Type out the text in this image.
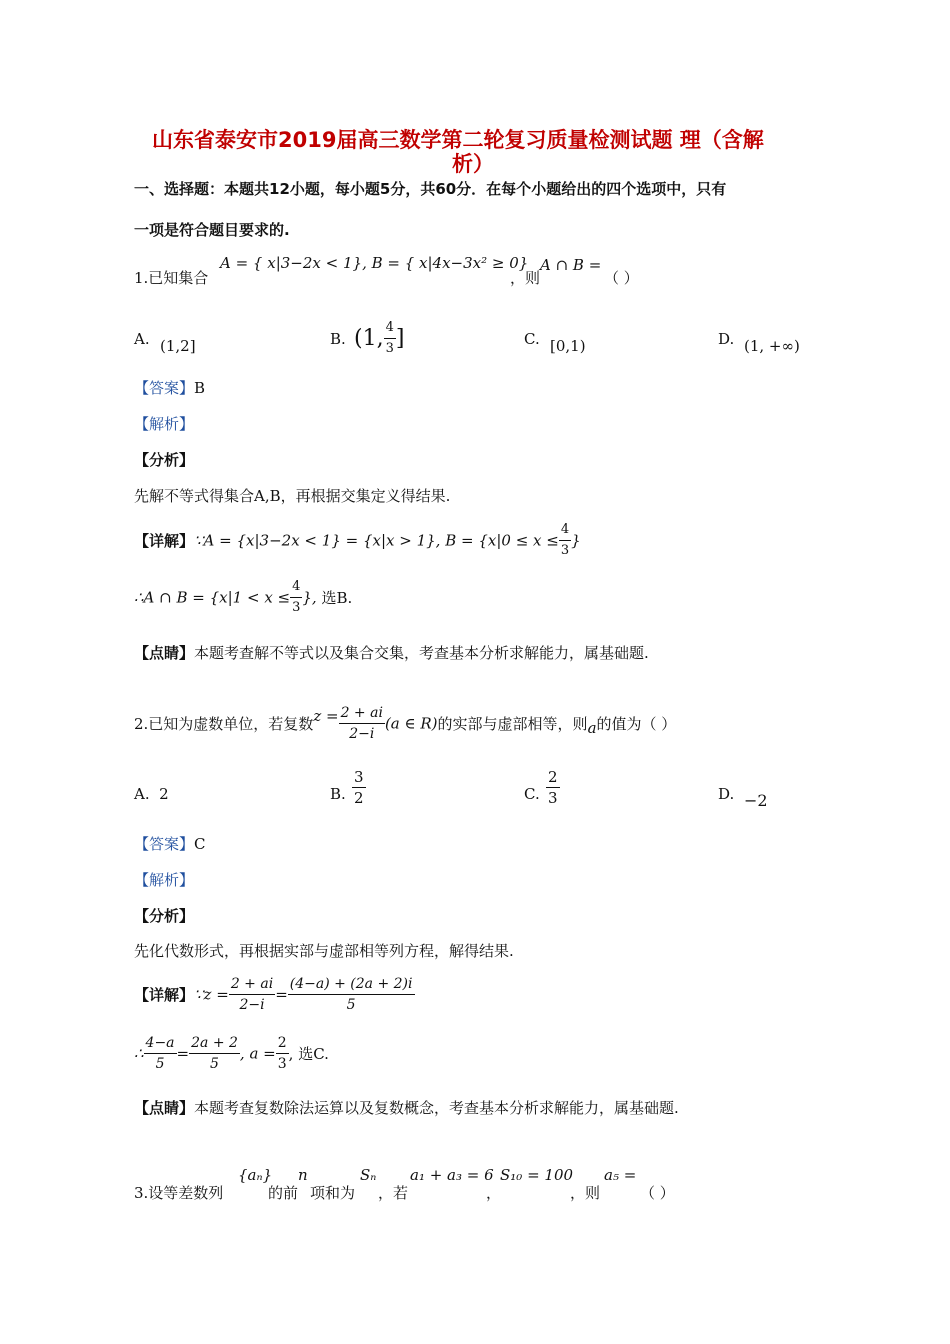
山东省泰安市2019届高三数学第二轮复习质量检测试题 理（含解
析）
一、选择题：本题共12小题，每小题5分，共60分．在每个小题给出的四个选项中，只有
一项是符合题目要求的.
1.已知集合
A = { x|3−2x < 1}, B = { x|4x−3x² ≥ 0}
，则
A ∩ B =
（ ）
A. (1,2]	B. (1, $\frac{4}{3}$ ]	C. [0,1)	D. (1, +∞)
【答案】B
【解析】
【分析】
先解不等式得集合A,B，再根据交集定义得结果.
【详解】∵A = {x|3−2x < 1} = {x|x > 1}, $B = \{x|0 \le x \le \frac{4}{3}$ }
∴A ∩ $B = \{x|1 < x \le \frac{4}{3}$ }, 选B.
【点睛】本题考查解不等式以及集合交集，考查基本分析求解能力，属基础题.
2.已知为虚数单位，若复数$z = \frac{2 + ai}{2-i} (a$ ∈ R)的实部与虚部相等，则a的值为（ ）
A. 2	B. $\frac{3}{2}$	C. $\frac{2}{3}$	D. −2
【答案】C
【解析】
【分析】
先化代数形式，再根据实部与虚部相等列方程，解得结果.
【详解】∵z = $\frac{2 + ai}{2-i} = \frac{(4-a) + (2a + 2)i}{5}$
∴ $\frac{4-a}{5} = \frac{2a + 2}{5}$ , $a = \frac{2}{3}$ , 选C.
【点睛】本题考查复数除法运算以及复数概念，考查基本分析求解能力，属基础题.
3.设等差数列
{aₙ}
的前
n
项和为
Sₙ
，若
a₁ + a₃ = 6
，
S₁₀ = 100
，则
a₅ =
（ ）
